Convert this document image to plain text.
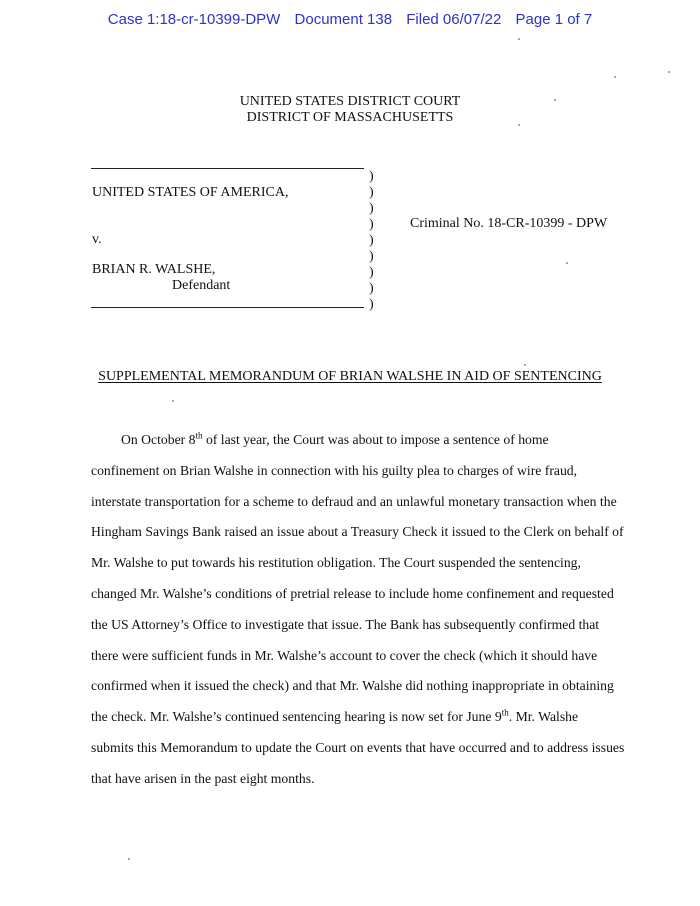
Case 1:18-cr-10399-DPW Document 138 Filed 06/07/22 Page 1 of 7
UNITED STATES DISTRICT COURT
DISTRICT OF MASSACHUSETTS
UNITED STATES OF AMERICA,
v.
BRIAN R. WALSHE,
Defendant
)
)
)
)
)
)
)
)
)
Criminal No. 18-CR-10399 - DPW
SUPPLEMENTAL MEMORANDUM OF BRIAN WALSHE IN AID OF SENTENCING
On October 8th of last year, the Court was about to impose a sentence of home
confinement on Brian Walshe in connection with his guilty plea to charges of wire fraud,
interstate transportation for a scheme to defraud and an unlawful monetary transaction when the
Hingham Savings Bank raised an issue about a Treasury Check it issued to the Clerk on behalf of
Mr. Walshe to put towards his restitution obligation. The Court suspended the sentencing,
changed Mr. Walshe’s conditions of pretrial release to include home confinement and requested
the US Attorney’s Office to investigate that issue. The Bank has subsequently confirmed that
there were sufficient funds in Mr. Walshe’s account to cover the check (which it should have
confirmed when it issued the check) and that Mr. Walshe did nothing inappropriate in obtaining
the check. Mr. Walshe’s continued sentencing hearing is now set for June 9th. Mr. Walshe
submits this Memorandum to update the Court on events that have occurred and to address issues
that have arisen in the past eight months.
